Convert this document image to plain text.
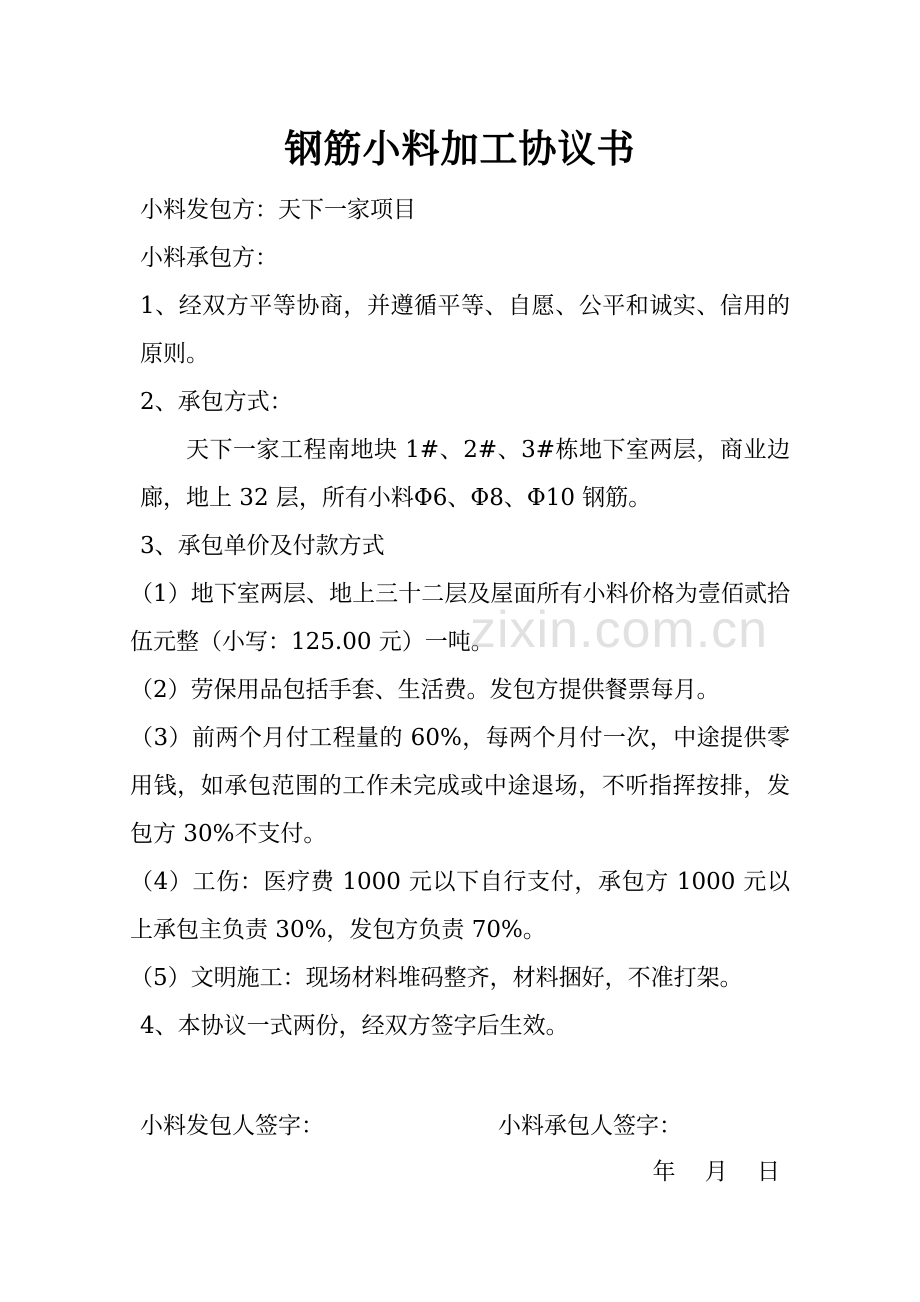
钢筋小料加工协议书

小料发包方：天下一家项目

小料承包方：

1、经双方平等协商，并遵循平等、自愿、公平和诚实、信用的原则。

2、承包方式：

天下一家工程南地块 1#、2#、3#栋地下室两层，商业边廊，地上 32 层，所有小料Φ6、Φ8、Φ10 钢筋。

3、承包单价及付款方式

（1）地下室两层、地上三十二层及屋面所有小料价格为壹佰贰拾伍元整（小写：125.00 元）一吨。

（2）劳保用品包括手套、生活费。发包方提供餐票每月。

（3）前两个月付工程量的 60%，每两个月付一次，中途提供零用钱，如承包范围的工作未完成或中途退场，不听指挥按排，发包方 30%不支付。

（4）工伤：医疗费 1000 元以下自行支付，承包方 1000 元以上承包主负责 30%，发包方负责 70%。

（5）文明施工：现场材料堆码整齐，材料捆好，不准打架。

4、本协议一式两份，经双方签字后生效。

小料发包人签字：	小料承包人签字：
年    月    日
zixin.com.cn
